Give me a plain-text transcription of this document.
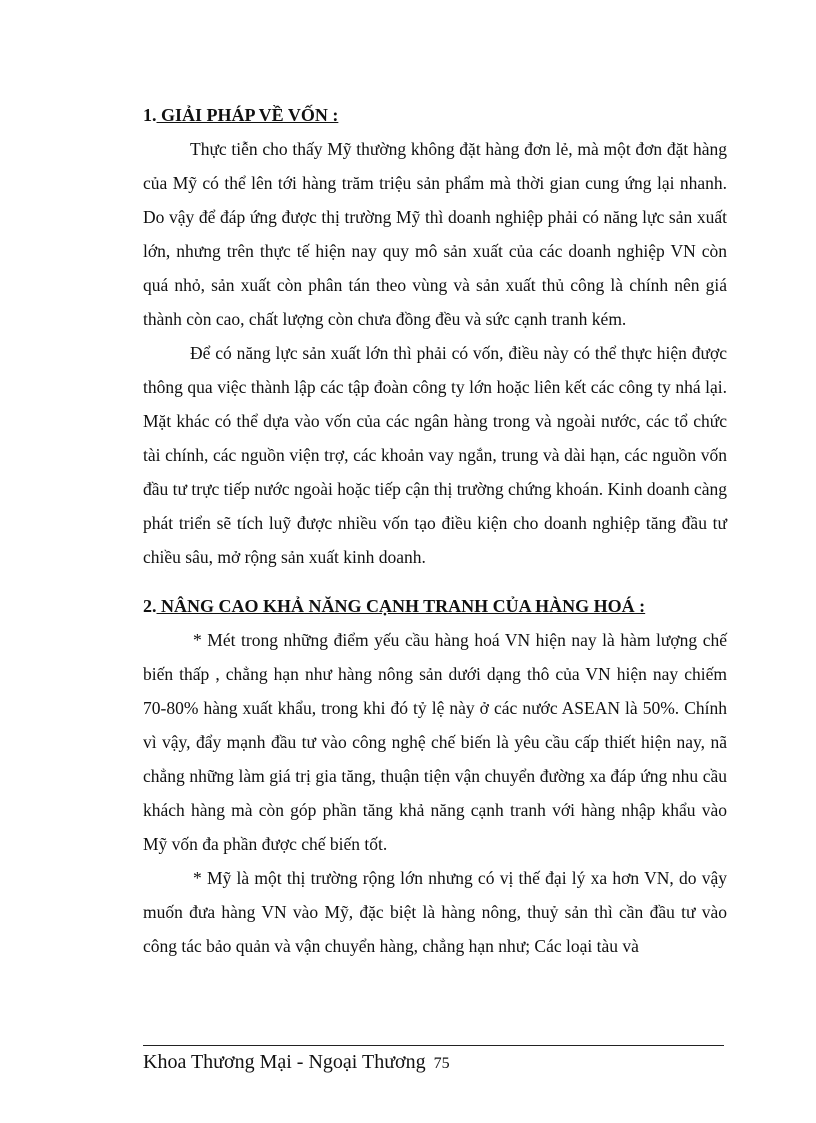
1. GIẢI PHÁP VỀ VỐN :

Thực tiễn cho thấy Mỹ thường không đặt hàng đơn lẻ, mà một đơn đặt hàng của Mỹ có thể lên tới hàng trăm triệu sản phẩm mà thời gian cung ứng lại nhanh. Do vậy để đáp ứng được thị trường Mỹ thì doanh nghiệp phải có năng lực sản xuất lớn, nhưng trên thực tế hiện nay quy mô sản xuất của các doanh nghiệp VN còn quá nhỏ, sản xuất còn phân tán theo vùng và sản xuất thủ công là chính nên giá thành còn cao, chất lượng còn chưa đồng đều và sức cạnh tranh kém.

Để có năng lực sản xuất lớn thì phải có vốn, điều này có thể thực hiện được thông qua việc thành lập các tập đoàn công ty lớn hoặc liên kết các công ty nhá lại. Mặt khác có thể dựa vào vốn của các ngân hàng trong và ngoài nước, các tổ chức tài chính, các nguồn viện trợ, các khoản vay ngắn, trung và dài hạn, các nguồn vốn đầu tư trực tiếp nước ngoài hoặc tiếp cận thị trường chứng khoán. Kinh doanh càng phát triển sẽ tích luỹ được nhiều vốn tạo điều kiện cho doanh nghiệp tăng đầu tư chiều sâu, mở rộng sản xuất kinh doanh.

2. NÂNG CAO KHẢ NĂNG CẠNH TRANH CỦA HÀNG HOÁ :

* Mét trong những điểm yếu cầu hàng hoá VN hiện nay là hàm lượng chế biến thấp , chẳng hạn như hàng nông sản dưới dạng thô của VN hiện nay chiếm 70-80% hàng xuất khẩu, trong khi đó tỷ lệ này ở các nước ASEAN là 50%. Chính vì vậy, đẩy mạnh đầu tư vào công nghệ chế biến là yêu cầu cấp thiết hiện nay, nã chẳng những làm giá trị gia tăng, thuận tiện vận chuyển đường xa đáp ứng nhu cầu khách hàng mà còn góp phần tăng khả năng cạnh tranh với hàng nhập khẩu vào Mỹ vốn đa phần được chế biến tốt.

* Mỹ là một thị trường rộng lớn nhưng có vị thế đại lý xa hơn VN, do vậy muốn đưa hàng VN vào Mỹ, đặc biệt là hàng nông, thuỷ sản thì cần đầu tư vào công tác bảo quản và vận chuyển hàng, chẳng hạn như; Các loại tàu và

Khoa Thương Mại - Ngoại Thương 75
